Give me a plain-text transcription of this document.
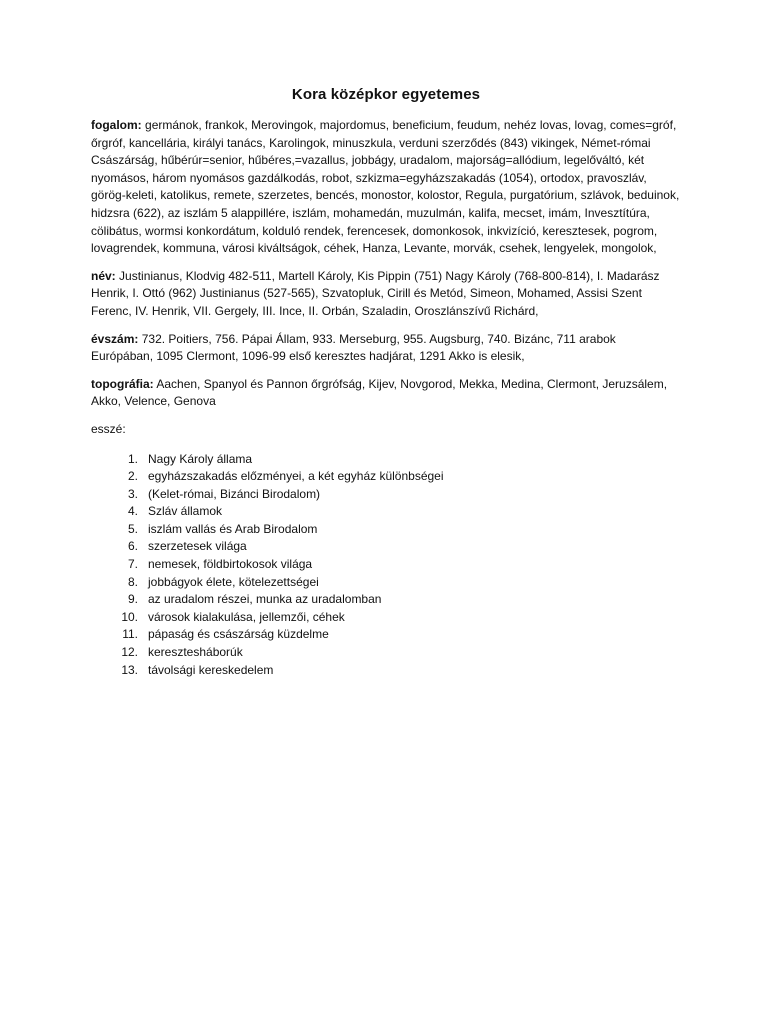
Kora középkor egyetemes

fogalom: germánok, frankok, Merovingok, majordomus, beneficium, feudum, nehéz lovas, lovag, comes=gróf, őrgróf, kancellária, királyi tanács, Karolingok, minuszkula, verduni szerződés (843) vikingek, Német-római Császárság, hűbérúr=senior, hűbéres,=vazallus, jobbágy, uradalom, majorság=allódium, legelőváltó, két nyomásos, három nyomásos gazdálkodás, robot, szkizma=egyházszakadás (1054), ortodox, pravoszláv, görög-keleti, katolikus, remete, szerzetes, bencés, monostor, kolostor, Regula, purgatórium, szlávok, beduinok, hidzsra (622), az iszlám 5 alappillére, iszlám, mohamedán, muzulmán, kalifa, mecset, imám, Invesztítúra, cölibátus, wormsi konkordátum, kolduló rendek, ferencesek, domonkosok, inkvizíció, keresztesek, pogrom, lovagrendek, kommuna, városi kiváltságok, céhek, Hanza, Levante, morvák, csehek, lengyelek, mongolok,

név: Justinianus, Klodvig 482-511, Martell Károly, Kis Pippin (751) Nagy Károly (768-800-814), I. Madarász Henrik, I. Ottó (962) Justinianus (527-565), Szvatopluk, Cirill és Metód, Simeon, Mohamed, Assisi Szent Ferenc, IV. Henrik, VII. Gergely, III. Ince, II. Orbán, Szaladin, Oroszlánszívű Richárd,

évszám: 732. Poitiers, 756. Pápai Állam, 933. Merseburg, 955. Augsburg, 740. Bizánc, 711 arabok Európában, 1095 Clermont, 1096-99 első keresztes hadjárat, 1291 Akko is elesik,

topográfia: Aachen, Spanyol és Pannon őrgrófság, Kijev, Novgorod, Mekka, Medina, Clermont, Jeruzsálem, Akko, Velence, Genova

esszé:

1. Nagy Károly állama
2. egyházszakadás előzményei, a két egyház különbségei
3. (Kelet-római, Bizánci Birodalom)
4. Szláv államok
5. iszlám vallás és Arab Birodalom
6. szerzetesek világa
7. nemesek, földbirtokosok világa
8. jobbágyok élete, kötelezettségei
9. az uradalom részei, munka az uradalomban
10. városok kialakulása, jellemzői, céhek
11. pápaság és császárság küzdelme
12. keresztesháborúk
13. távolsági kereskedelem
